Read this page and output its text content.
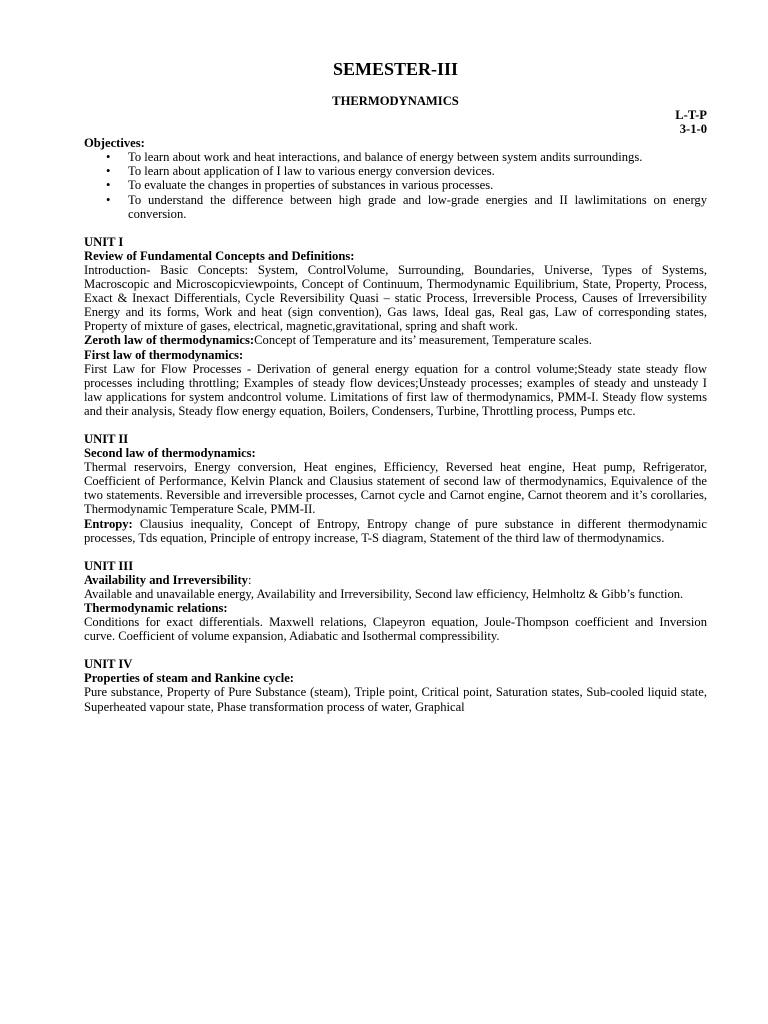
SEMESTER-III
THERMODYNAMICS
L-T-P
3-1-0
Objectives:
• To learn about work and heat interactions, and balance of energy between system andits surroundings.
• To learn about application of I law to various energy conversion devices.
• To evaluate the changes in properties of substances in various processes.
• To understand the difference between high grade and low-grade energies and II lawlimitations on energy conversion.
UNIT I
Review of Fundamental Concepts and Definitions:

Introduction- Basic Concepts: System, ControlVolume, Surrounding, Boundaries, Universe, Types of Systems, Macroscopic and Microscopicviewpoints, Concept of Continuum, Thermodynamic Equilibrium, State, Property, Process, Exact & Inexact Differentials, Cycle Reversibility Quasi – static Process, Irreversible Process, Causes of Irreversibility Energy and its forms, Work and heat (sign convention), Gas laws, Ideal gas, Real gas, Law of corresponding states, Property of mixture of gases, electrical, magnetic,gravitational, spring and shaft work.

Zeroth law of thermodynamics:Concept of Temperature and its’ measurement, Temperature scales.

First law of thermodynamics:

First Law for Flow Processes - Derivation of general energy equation for a control volume;Steady state steady flow processes including throttling; Examples of steady flow devices;Unsteady processes; examples of steady and unsteady I law applications for system andcontrol volume. Limitations of first law of thermodynamics, PMM-I. Steady flow systems and their analysis, Steady flow energy equation, Boilers, Condensers, Turbine, Throttling process, Pumps etc.

UNIT II
Second law of thermodynamics:

Thermal reservoirs, Energy conversion, Heat engines, Efficiency, Reversed heat engine, Heat pump, Refrigerator, Coefficient of Performance, Kelvin Planck and Clausius statement of second law of thermodynamics, Equivalence of the two statements. Reversible and irreversible processes, Carnot cycle and Carnot engine, Carnot theorem and it’s corollaries, Thermodynamic Temperature Scale, PMM-II.

Entropy: Clausius inequality, Concept of Entropy, Entropy change of pure substance in different thermodynamic processes, Tds equation, Principle of entropy increase, T-S diagram, Statement of the third law of thermodynamics.

UNIT III
Availability and Irreversibility:

Available and unavailable energy, Availability and Irreversibility, Second law efficiency, Helmholtz & Gibb’s function.

Thermodynamic relations:

Conditions for exact differentials. Maxwell relations, Clapeyron equation, Joule-Thompson coefficient and Inversion curve. Coefficient of volume expansion, Adiabatic and Isothermal compressibility.

UNIT IV
Properties of steam and Rankine cycle:

Pure substance, Property of Pure Substance (steam), Triple point, Critical point, Saturation states, Sub-cooled liquid state, Superheated vapour state, Phase transformation process of water, Graphical
